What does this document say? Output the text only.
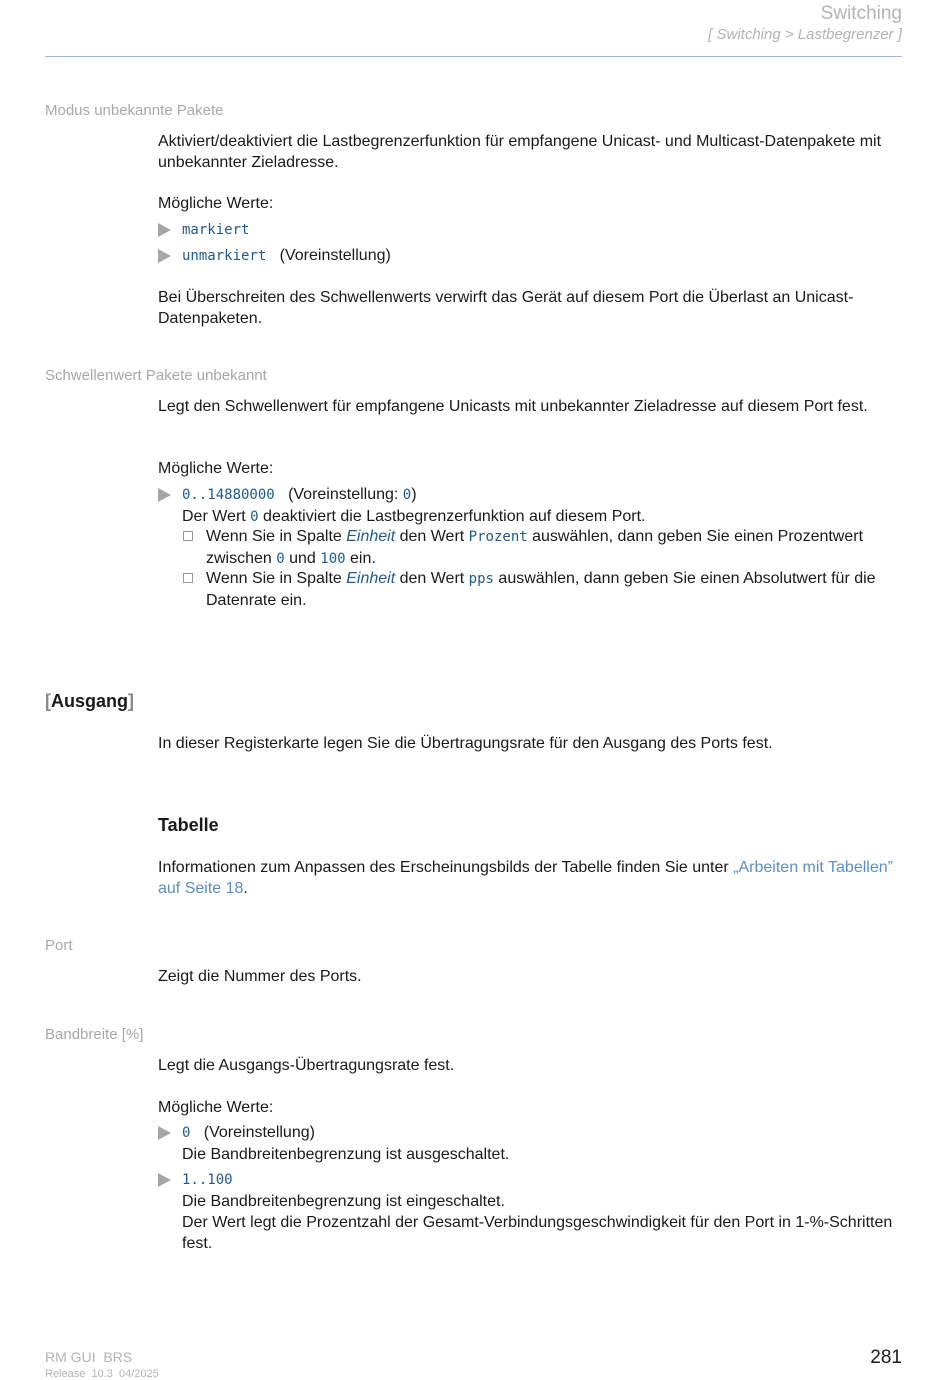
Switching
[ Switching > Lastbegrenzer ]
Modus unbekannte Pakete

Aktiviert/deaktiviert die Lastbegrenzerfunktion für empfangene Unicast- und Multicast-Datenpakete mit unbekannter Zieladresse.

Mögliche Werte:
markiert
unmarkiert (Voreinstellung)
Bei Überschreiten des Schwellenwerts verwirft das Gerät auf diesem Port die Überlast an Unicast-Datenpaketen.
Schwellenwert Pakete unbekannt
Legt den Schwellenwert für empfangene Unicasts mit unbekannter Zieladresse auf diesem Port fest.
Mögliche Werte:
0..14880000 (Voreinstellung: 0)
Der Wert 0 deaktiviert die Lastbegrenzerfunktion auf diesem Port.
Wenn Sie in Spalte Einheit den Wert Prozent auswählen, dann geben Sie einen Prozentwert zwischen 0 und 100 ein.
Wenn Sie in Spalte Einheit den Wert pps auswählen, dann geben Sie einen Absolutwert für die Datenrate ein.
[Ausgang]
In dieser Registerkarte legen Sie die Übertragungsrate für den Ausgang des Ports fest.
Tabelle
Informationen zum Anpassen des Erscheinungsbilds der Tabelle finden Sie unter „Arbeiten mit Tabellen” auf Seite 18.
Port
Zeigt die Nummer des Ports.
Bandbreite [%]
Legt die Ausgangs-Übertragungsrate fest.
Mögliche Werte:
0 (Voreinstellung)
Die Bandbreitenbegrenzung ist ausgeschaltet.
1..100
Die Bandbreitenbegrenzung ist eingeschaltet.
Der Wert legt die Prozentzahl der Gesamt-Verbindungsgeschwindigkeit für den Port in 1-%-Schritten fest.
RM GUI  BRS
Release  10.3  04/2025
281
